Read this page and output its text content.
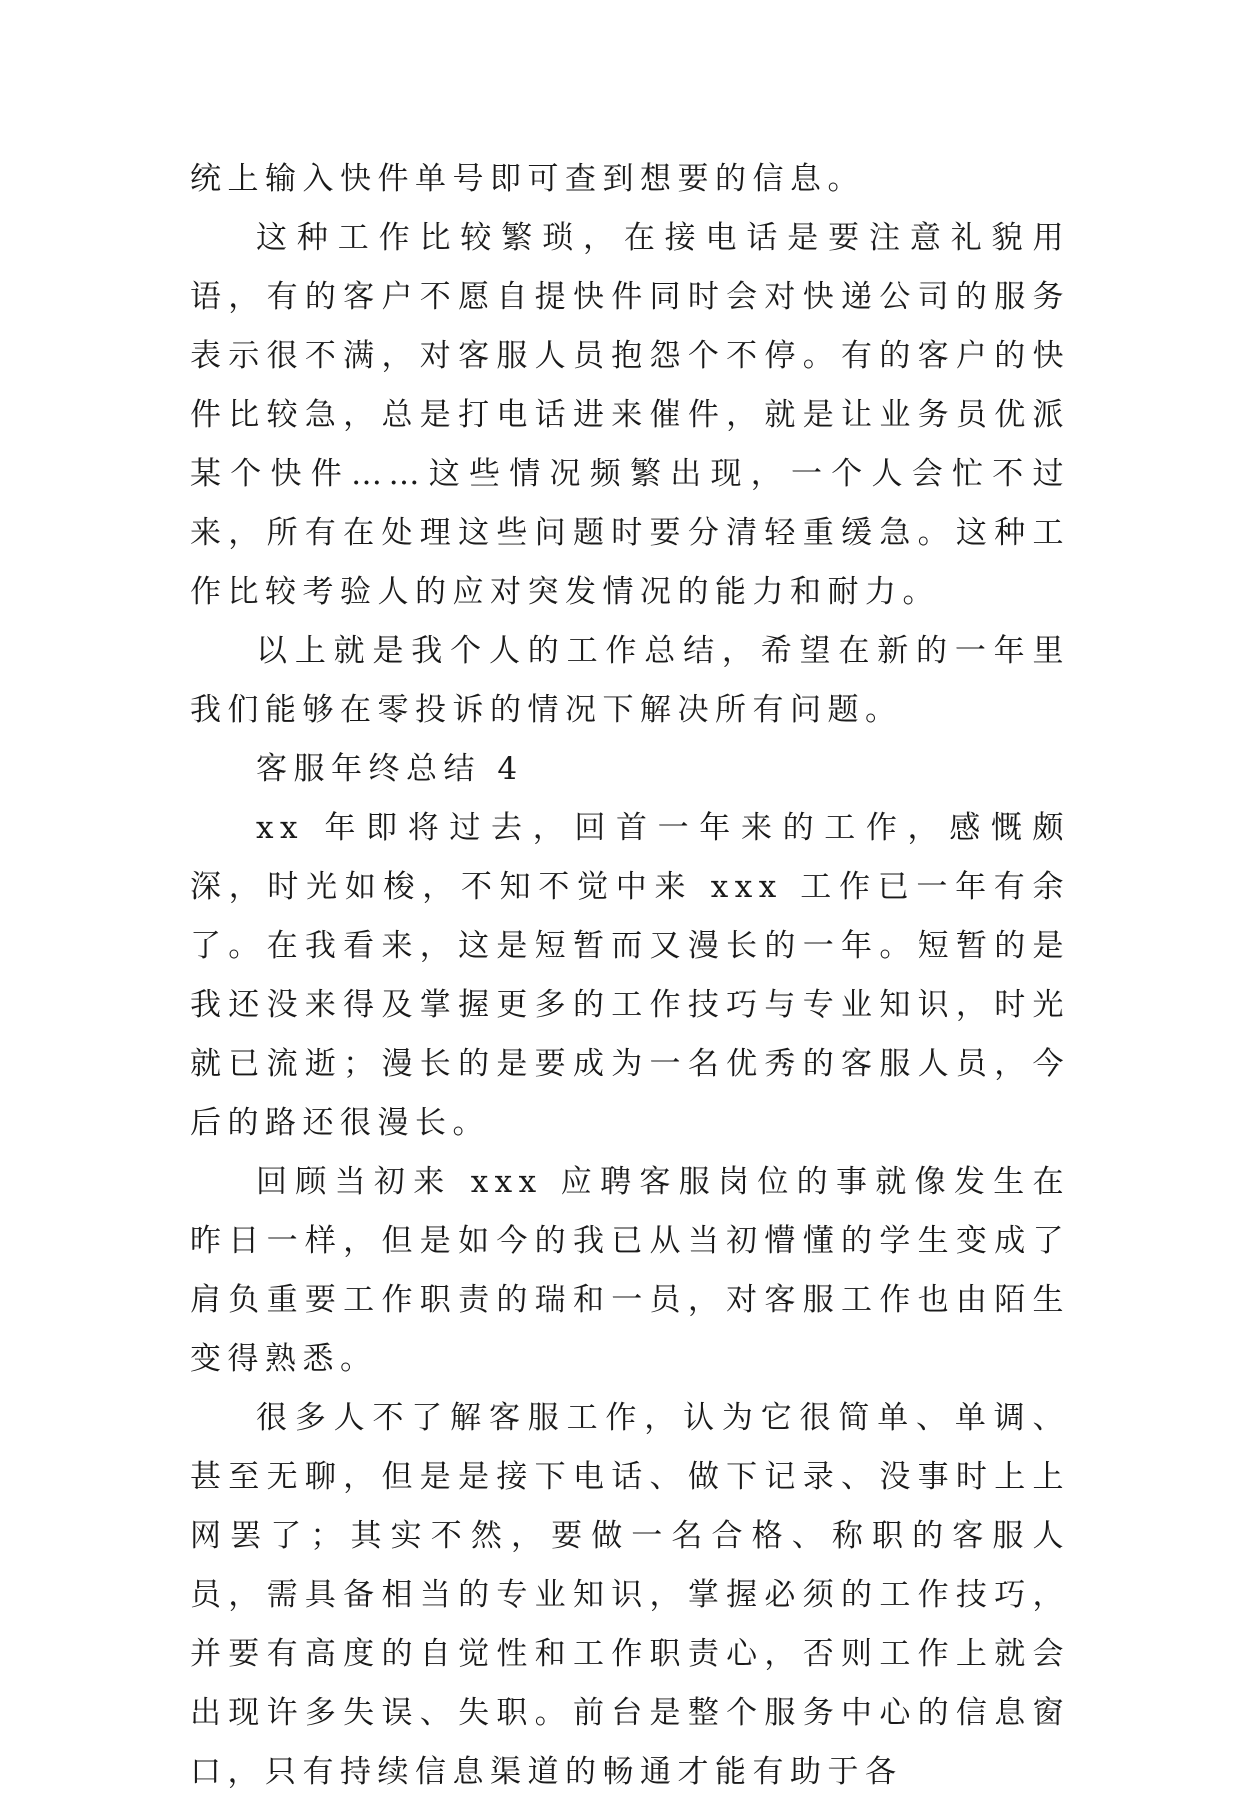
统上输入快件单号即可查到想要的信息。

这种工作比较繁琐，在接电话是要注意礼貌用语，有的客户不愿自提快件同时会对快递公司的服务表示很不满，对客服人员抱怨个不停。有的客户的快件比较急，总是打电话进来催件，就是让业务员优派某个快件……这些情况频繁出现，一个人会忙不过来，所有在处理这些问题时要分清轻重缓急。这种工作比较考验人的应对突发情况的能力和耐力。

以上就是我个人的工作总结，希望在新的一年里我们能够在零投诉的情况下解决所有问题。

客服年终总结 4

xx 年即将过去，回首一年来的工作，感慨颇深，时光如梭，不知不觉中来 xxx 工作已一年有余了。在我看来，这是短暂而又漫长的一年。短暂的是我还没来得及掌握更多的工作技巧与专业知识，时光就已流逝；漫长的是要成为一名优秀的客服人员，今后的路还很漫长。

回顾当初来 xxx 应聘客服岗位的事就像发生在昨日一样，但是如今的我已从当初懵懂的学生变成了肩负重要工作职责的瑞和一员，对客服工作也由陌生变得熟悉。

很多人不了解客服工作，认为它很简单、单调、甚至无聊，但是是接下电话、做下记录、没事时上上网罢了；其实不然，要做一名合格、称职的客服人员，需具备相当的专业知识，掌握必须的工作技巧，并要有高度的自觉性和工作职责心，否则工作上就会出现许多失误、失职。前台是整个服务中心的信息窗口，只有持续信息渠道的畅通才能有助于各
